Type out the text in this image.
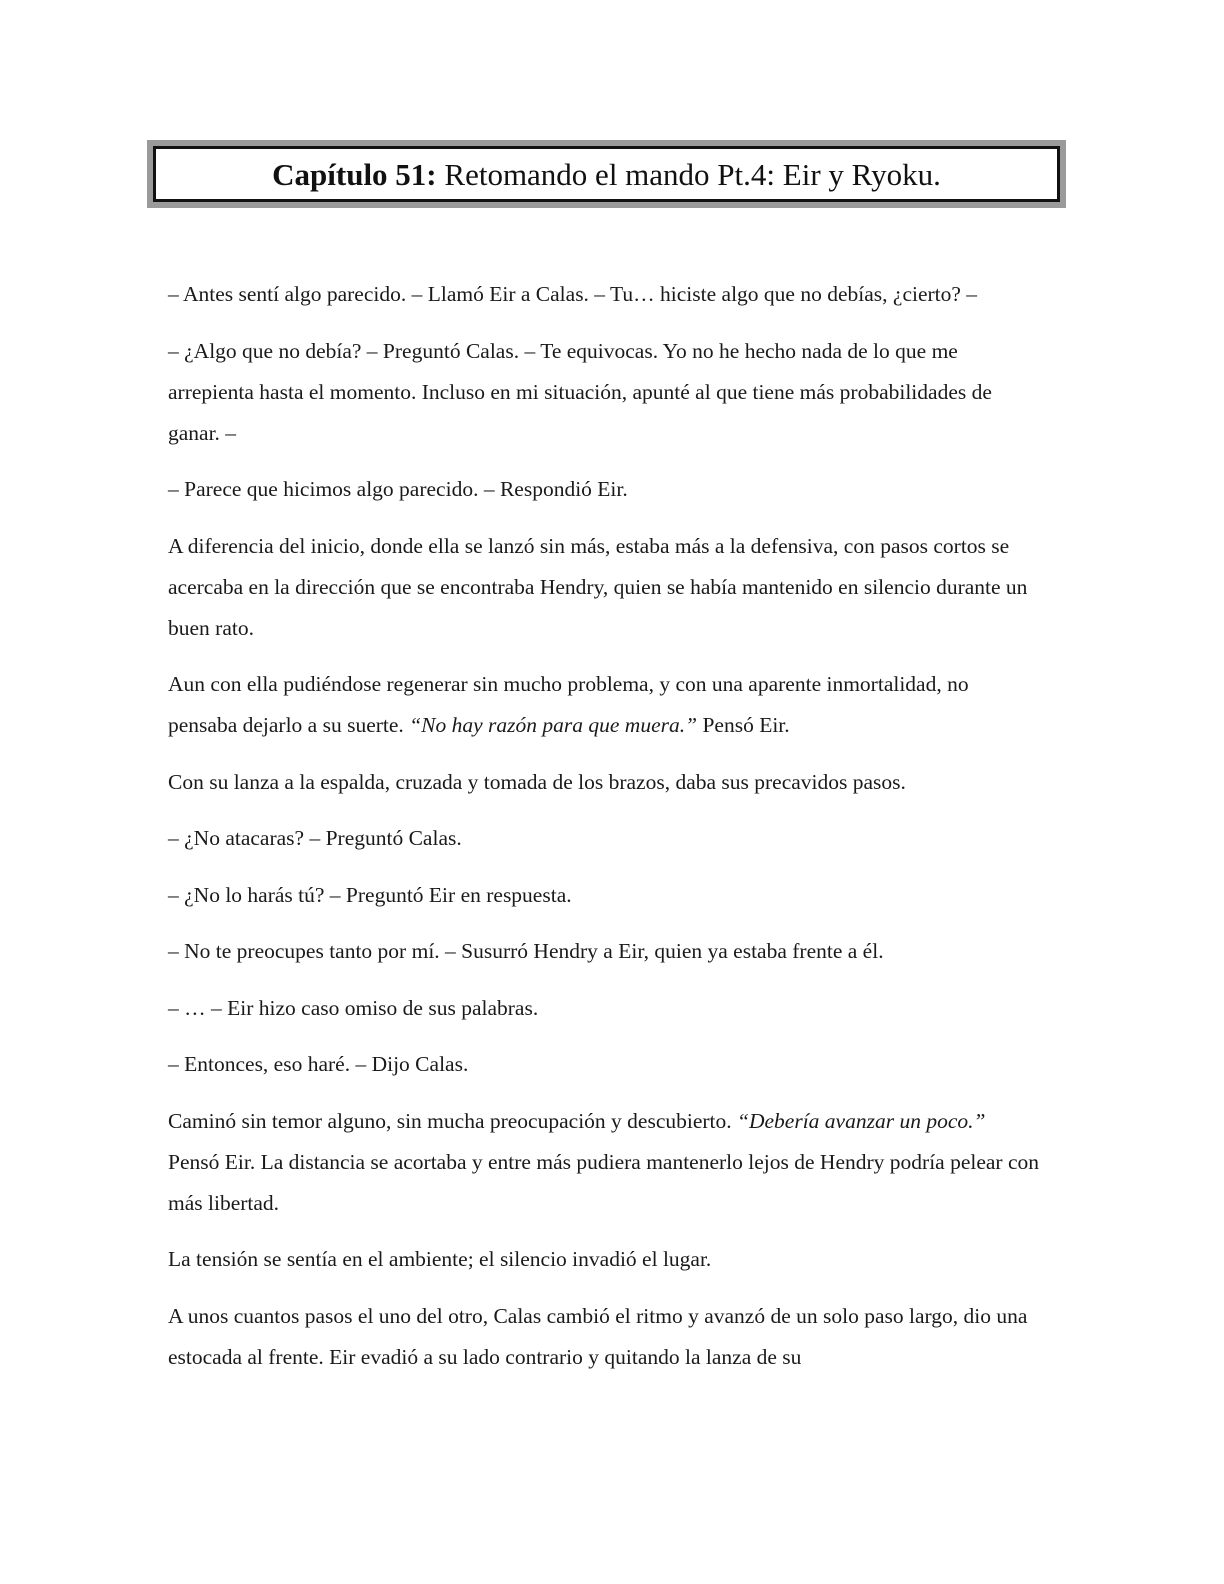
Capítulo 51:
Retomando el mando Pt.4: Eir y Ryoku.

– Antes sentí algo parecido. – Llamó Eir a Calas. – Tu… hiciste algo que no debías, ¿cierto? –

– ¿Algo que no debía? – Preguntó Calas. – Te equivocas. Yo no he hecho nada de lo que me arrepienta hasta el momento. Incluso en mi situación, apunté al que tiene más probabilidades de ganar. –

– Parece que hicimos algo parecido. – Respondió Eir.

A diferencia del inicio, donde ella se lanzó sin más, estaba más a la defensiva, con pasos cortos se acercaba en la dirección que se encontraba Hendry, quien se había mantenido en silencio durante un buen rato.

Aun con ella pudiéndose regenerar sin mucho problema, y con una aparente inmortalidad, no pensaba dejarlo a su suerte. “No hay razón para que muera.” Pensó Eir.

Con su lanza a la espalda, cruzada y tomada de los brazos, daba sus precavidos pasos.

– ¿No atacaras? – Preguntó Calas.

– ¿No lo harás tú? – Preguntó Eir en respuesta.

– No te preocupes tanto por mí. – Susurró Hendry a Eir, quien ya estaba frente a él.

– … – Eir hizo caso omiso de sus palabras.

– Entonces, eso haré. – Dijo Calas.

Caminó sin temor alguno, sin mucha preocupación y descubierto. “Debería avanzar un poco.” Pensó Eir. La distancia se acortaba y entre más pudiera mantenerlo lejos de Hendry podría pelear con más libertad.

La tensión se sentía en el ambiente; el silencio invadió el lugar.

A unos cuantos pasos el uno del otro, Calas cambió el ritmo y avanzó de un solo paso largo, dio una estocada al frente. Eir evadió a su lado contrario y quitando la lanza de su
